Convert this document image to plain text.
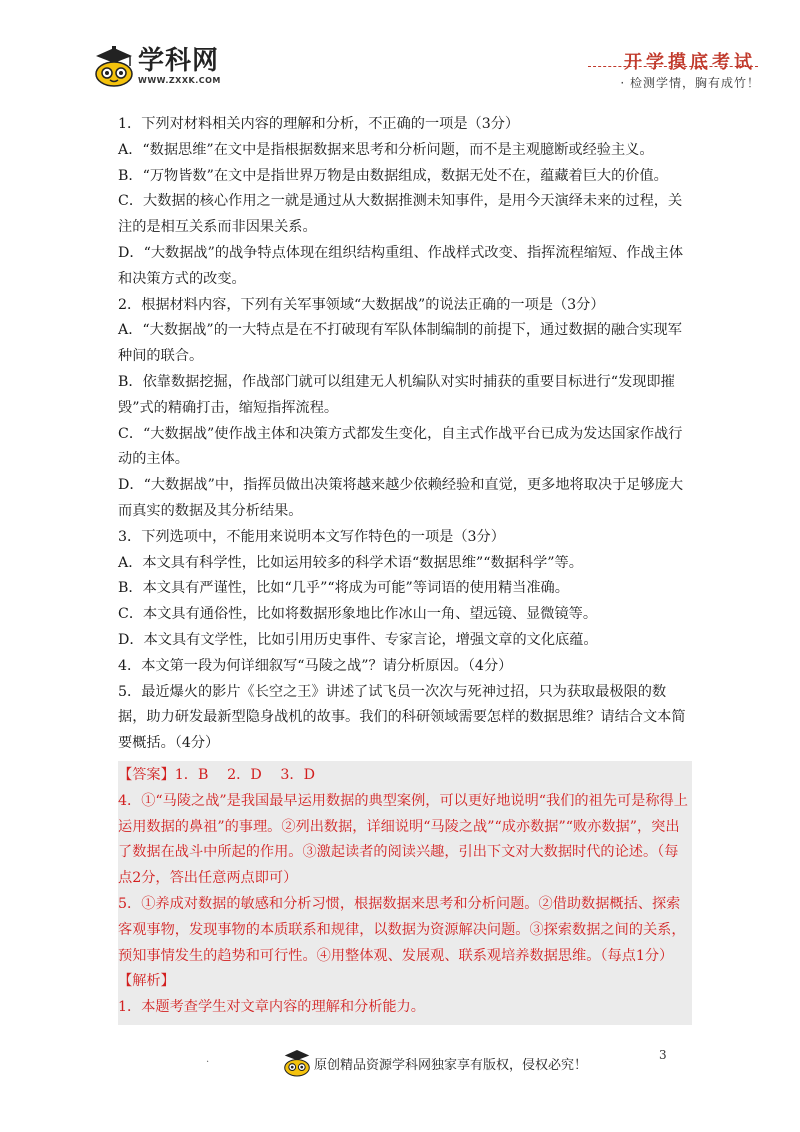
学科网
WWW.ZXXK.COM
开学摸底考试
· 检测学情，胸有成竹！

1．下列对材料相关内容的理解和分析，不正确的一项是（3分）

A．“数据思维”在文中是指根据数据来思考和分析问题，而不是主观臆断或经验主义。

B．“万物皆数”在文中是指世界万物是由数据组成，数据无处不在，蕴藏着巨大的价值。

C．大数据的核心作用之一就是通过从大数据推测未知事件，是用今天演绎未来的过程，关注的是相互关系而非因果关系。

D．“大数据战”的战争特点体现在组织结构重组、作战样式改变、指挥流程缩短、作战主体和决策方式的改变。

2．根据材料内容，下列有关军事领域“大数据战”的说法正确的一项是（3分）

A．“大数据战”的一大特点是在不打破现有军队体制编制的前提下，通过数据的融合实现军种间的联合。

B．依靠数据挖掘，作战部门就可以组建无人机编队对实时捕获的重要目标进行“发现即摧毁”式的精确打击，缩短指挥流程。

C．“大数据战”使作战主体和决策方式都发生变化，自主式作战平台已成为发达国家作战行动的主体。

D．“大数据战”中，指挥员做出决策将越来越少依赖经验和直觉，更多地将取决于足够庞大而真实的数据及其分析结果。

3．下列选项中，不能用来说明本文写作特色的一项是（3分）

A．本文具有科学性，比如运用较多的科学术语“数据思维”“数据科学”等。

B．本文具有严谨性，比如“几乎”“将成为可能”等词语的使用精当准确。

C．本文具有通俗性，比如将数据形象地比作冰山一角、望远镜、显微镜等。

D．本文具有文学性，比如引用历史事件、专家言论，增强文章的文化底蕴。

4．本文第一段为何详细叙写“马陵之战”？请分析原因。（4分）

5．最近爆火的影片《长空之王》讲述了试飞员一次次与死神过招，只为获取最极限的数据，助力研发最新型隐身战机的故事。我们的科研领域需要怎样的数据思维？请结合文本简要概括。（4分）

【答案】1．B　 2．D　 3．D

4．①“马陵之战”是我国最早运用数据的典型案例，可以更好地说明“我们的祖先可是称得上运用数据的鼻祖”的事理。②列出数据，详细说明“马陵之战”“成亦数据”“败亦数据”，突出了数据在战斗中所起的作用。③激起读者的阅读兴趣，引出下文对大数据时代的论述。（每点2分，答出任意两点即可）

5．①养成对数据的敏感和分析习惯，根据数据来思考和分析问题。②借助数据概括、探索客观事物，发现事物的本质联系和规律，以数据为资源解决问题。③探索数据之间的关系，预知事情发生的趋势和可行性。④用整体观、发展观、联系观培养数据思维。（每点1分）

【解析】

1．本题考查学生对文章内容的理解和分析能力。

.	原创精品资源学科网独家享有版权，侵权必究！
3
